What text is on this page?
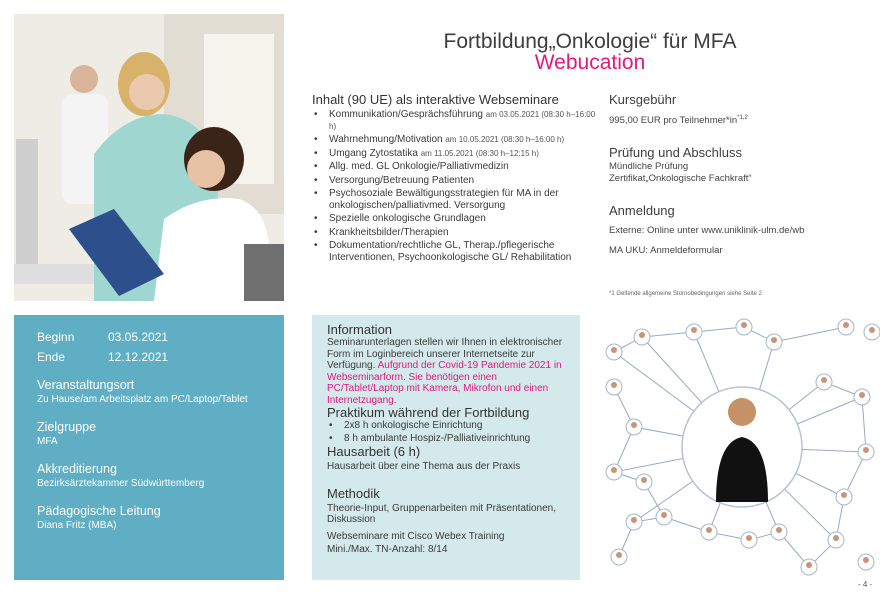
Fortbildung„Onkologie“ für MFA
Webucation
Inhalt (90 UE) als interaktive Webseminare
• Kommunikation/Gesprächsführung am 03.05.2021 (08:30 h–16:00 h)
• Wahrnehmung/Motivation am 10.05.2021 (08:30 h–16:00 h)
• Umgang Zytostatika am 11.05.2021 (08:30 h–12:15 h)
• Allg. med. GL Onkologie/Palliativmedizin
• Versorgung/Betreuung Patienten
• Psychosoziale Bewältigungsstrategien für MA in der onkologischen/palliativmed. Versorgung
• Spezielle onkologische Grundlagen
• Krankheitsbilder/Therapien
• Dokumentation/rechtliche GL, Therap./pflegerische Interventionen, Psychoonkologische GL/ Rehabilitation
Kursgebühr
995,00 EUR pro Teilnehmer*in$^{*1,2}$
Prüfung und Abschluss
Mündliche Prüfung
Zertifikat„Onkologische Fachkraft“
Anmeldung
Externe: Online unter www.uniklinik-ulm.de/wb
MA UKU: Anmeldeformular
*1 Geltende allgemeine Stornobedingungen siehe Seite 2
Beginn	03.05.2021
Ende	12.12.2021
Veranstaltungsort
Zu Hause/am Arbeitsplatz am PC/Laptop/Tablet
Zielgruppe
MFA
Akkreditierung
Bezirksärztekammer Südwürttemberg
Pädagogische Leitung
Diana Fritz (MBA)
Information
Seminarunterlagen stellen wir Ihnen in elektronischer Form im Loginbereich unserer Internetseite zur Verfügung. Aufgrund der Covid-19 Pandemie 2021 in Webseminarform. Sie benötigen einen PC/Tablet/Laptop mit Kamera, Mikrofon und einen Internetzugang.
Praktikum während der Fortbildung
• 2x8 h onkologische Einrichtung
• 8 h ambulante Hospiz-/Palliativeinrichtung
Hausarbeit (6 h)
Hausarbeit über eine Thema aus der Praxis
Methodik
Theorie-Input, Gruppenarbeiten mit Präsentationen, Diskussion
Webseminare mit Cisco Webex Training
Mini./Max. TN-Anzahl: 8/14
- 4 -
